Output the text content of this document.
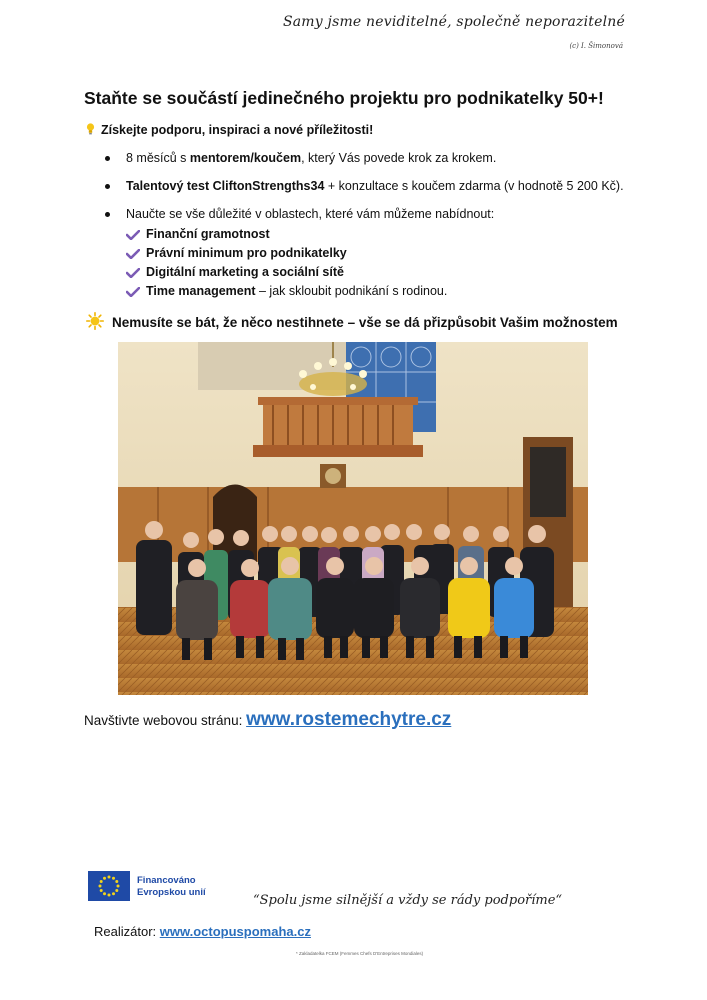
Samy jsme neviditelné, společně neporazitelné
(c) I. Šimonová
Staňte se součástí jedinečného projektu pro podnikatelky 50+!
Získejte podporu, inspiraci a nové příležitosti!
8 měsíců s mentorem/koučem, který Vás povede krok za krokem.
Talentový test CliftonStrengths34 + konzultace s koučem zdarma (v hodnotě 5 200 Kč).
Naučte se vše důležité v oblastech, které vám můžeme nabídnout:
Finanční gramotnost
Právní minimum pro podnikatelky
Digitální marketing a sociální sítě
Time management – jak skloubit podnikání s rodinou.
Nemusíte se bát, že něco nestihnete – vše se dá přizpůsobit Vašim možnostem
Navštivte webovou stránu: www.rostemechytre.cz
Financováno
Evropskou unií
“Spolu jsme silnější a vždy se rády podpoříme“
Realizátor: www.octopuspomaha.cz
* Zakladatelka FCEM (Femmes Chefs D'Entreprises Mondiales)
